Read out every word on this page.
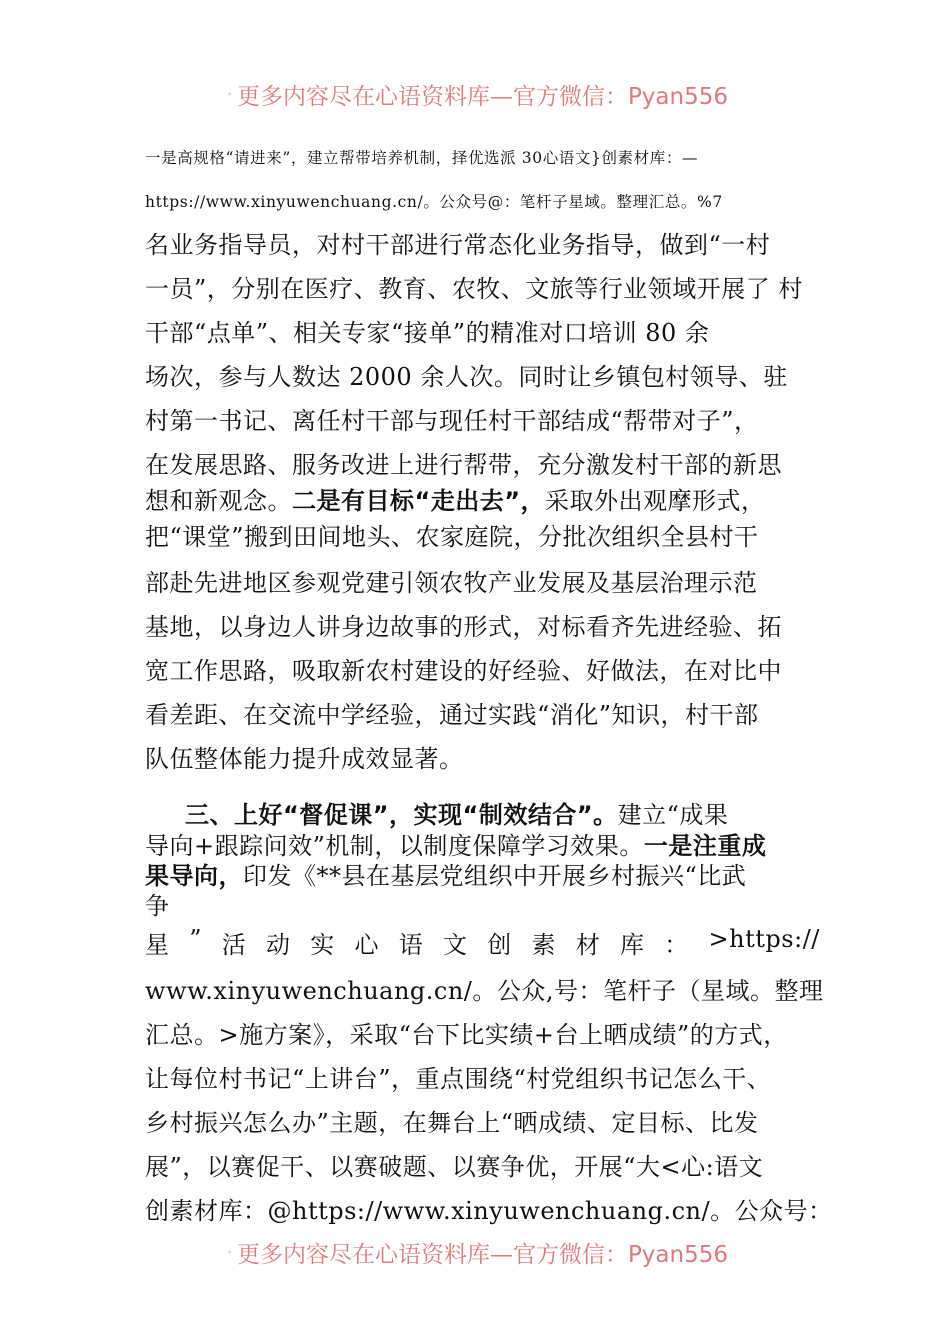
更多内容尽在心语资料库—官方微信：Pyan556
一是高规格“请进来”，建立帮带培养机制，择优选派 30心语文}创素材库：—
https://www.xinyuwenchuang.cn/。公众号@：笔杆子星域。整理汇总。%7
名业务指导员，对村干部进行常态化业务指导，做到“一村
一员”，分别在医疗、教育、农牧、文旅等行业领域开展了 村
干部“点单”、相关专家“接单”的精准对口培训 80 余
场次，参与人数达 2000 余人次。同时让乡镇包村领导、驻
村第一书记、离任村干部与现任村干部结成“帮带对子”，
在发展思路、服务改进上进行帮带，充分激发村干部的新思
想和新观念。二是有目标“走出去”，采取外出观摩形式，
把“课堂”搬到田间地头、农家庭院，分批次组织全县村干
部赴先进地区参观党建引领农牧产业发展及基层治理示范
基地，以身边人讲身边故事的形式，对标看齐先进经验、拓
宽工作思路，吸取新农村建设的好经验、好做法，在对比中
看差距、在交流中学经验，通过实践“消化”知识，村干部
队伍整体能力提升成效显著。
三、上好“督促课”，实现“制效结合”。建立“成果
导向+跟踪问效”机制，以制度保障学习效果。一是注重成
果导向，印发《**县在基层党组织中开展乡村振兴“比武
争
星 ” 活 动 实 心 语 文 创 素 材 库 ： >https://
www.xinyuwenchuang.cn/。公众,号：笔杆子（星域。整理
汇总。>施方案》，采取“台下比实绩+台上晒成绩”的方式，
让每位村书记“上讲台”，重点围绕“村党组织书记怎么干、
乡村振兴怎么办”主题，在舞台上“晒成绩、定目标、比发
展”，以赛促干、以赛破题、以赛争优，开展“大<心:语文
创素材库：@https://www.xinyuwenchuang.cn/。公众号：
更多内容尽在心语资料库—官方微信：Pyan556
